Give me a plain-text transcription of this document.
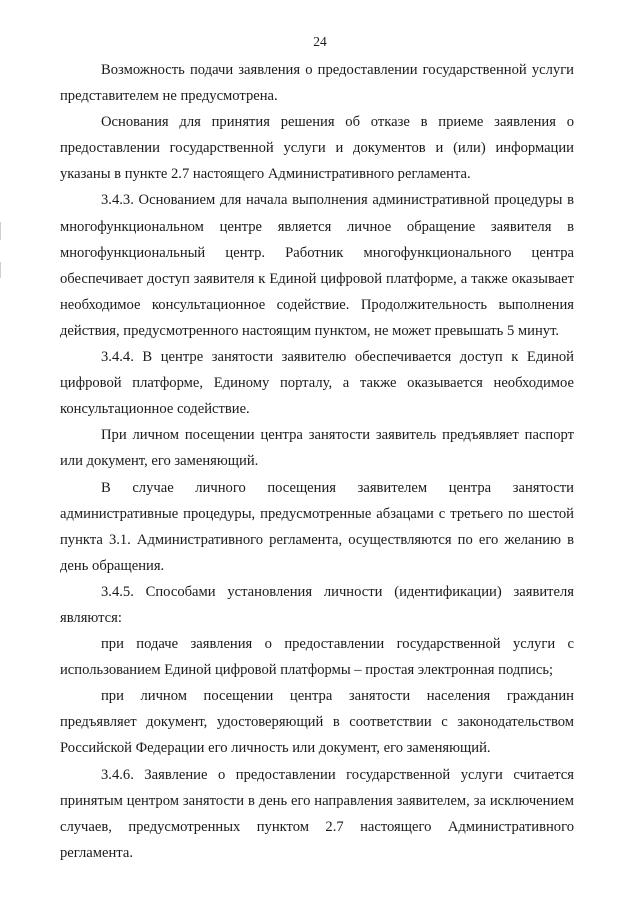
24

Возможность подачи заявления о предоставлении государственной услуги представителем не предусмотрена.

Основания для принятия решения об отказе в приеме заявления о предоставлении государственной услуги и документов и (или) информации указаны в пункте 2.7 настоящего Административного регламента.

3.4.3. Основанием для начала выполнения административной процедуры в многофункциональном центре является личное обращение заявителя в многофункциональный центр. Работник многофункционального центра обеспечивает доступ заявителя к Единой цифровой платформе, а также оказывает необходимое консультационное содействие. Продолжительность выполнения действия, предусмотренного настоящим пунктом, не может превышать 5 минут.

3.4.4. В центре занятости заявителю обеспечивается доступ к Единой цифровой платформе, Единому порталу, а также оказывается необходимое консультационное содействие.

При личном посещении центра занятости заявитель предъявляет паспорт или документ, его заменяющий.

В случае личного посещения заявителем центра занятости административные процедуры, предусмотренные абзацами с третьего по шестой пункта 3.1. Административного регламента, осуществляются по его желанию в день обращения.

3.4.5. Способами установления личности (идентификации) заявителя являются:

при подаче заявления о предоставлении государственной услуги с использованием Единой цифровой платформы – простая электронная подпись;

при личном посещении центра занятости населения гражданин предъявляет документ, удостоверяющий в соответствии с законодательством Российской Федерации его личность или документ, его заменяющий.

3.4.6. Заявление о предоставлении государственной услуги считается принятым центром занятости в день его направления заявителем, за исключением случаев, предусмотренных пунктом 2.7 настоящего Административного регламента.
